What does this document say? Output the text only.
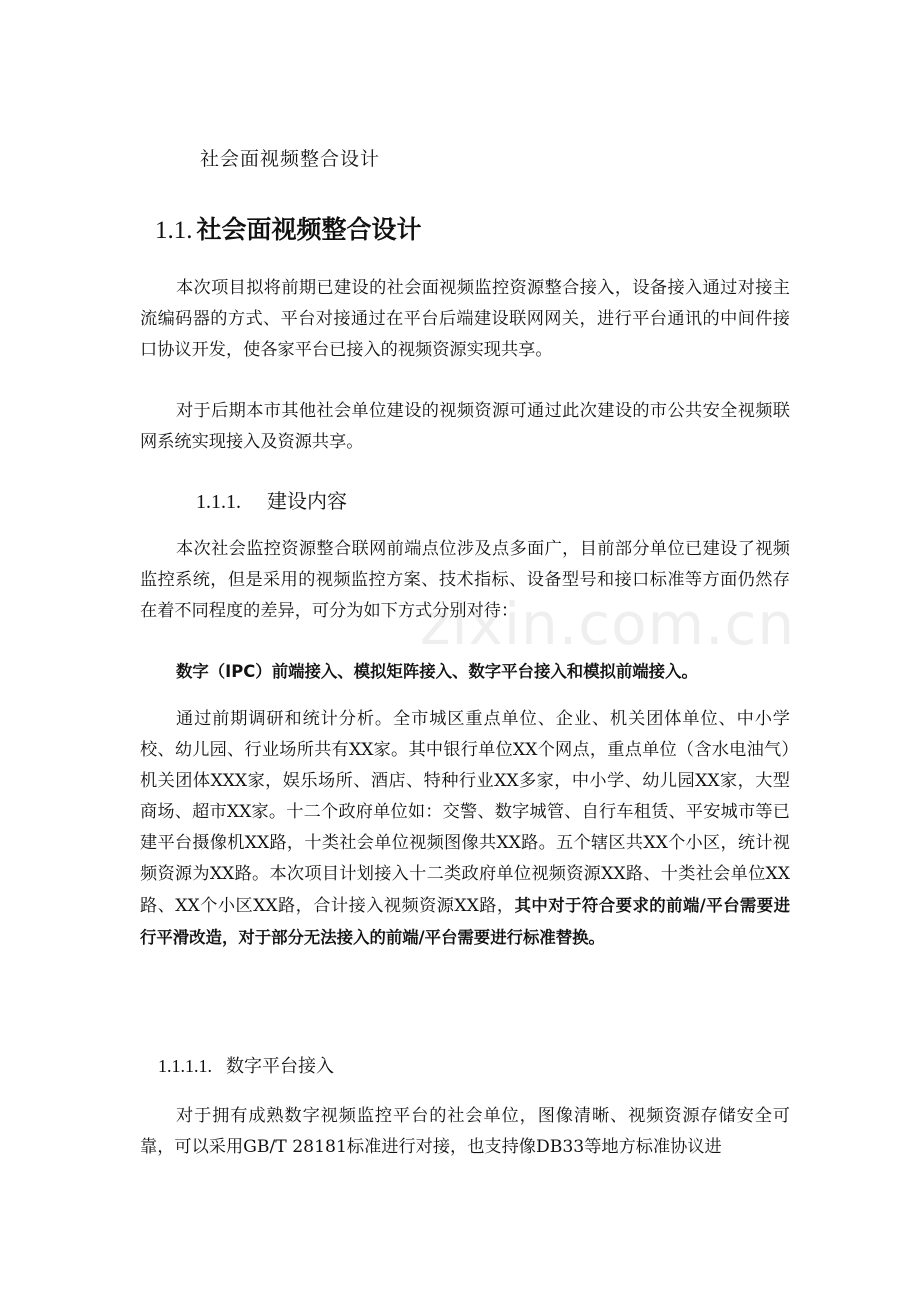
社会面视频整合设计
1.1. 社会面视频整合设计

本次项目拟将前期已建设的社会面视频监控资源整合接入，设备接入通过对接主流编码器的方式、平台对接通过在平台后端建设联网网关，进行平台通讯的中间件接口协议开发，使各家平台已接入的视频资源实现共享。

对于后期本市其他社会单位建设的视频资源可通过此次建设的市公共安全视频联网系统实现接入及资源共享。

1.1.1. 建设内容

本次社会监控资源整合联网前端点位涉及点多面广，目前部分单位已建设了视频监控系统，但是采用的视频监控方案、技术指标、设备型号和接口标准等方面仍然存在着不同程度的差异，可分为如下方式分别对待：

数字（IPC）前端接入、模拟矩阵接入、数字平台接入和模拟前端接入。

通过前期调研和统计分析。全市城区重点单位、企业、机关团体单位、中小学校、幼儿园、行业场所共有XX家。其中银行单位XX个网点，重点单位（含水电油气）机关团体XXX家，娱乐场所、酒店、特种行业XX多家，中小学、幼儿园XX家，大型商场、超市XX家。十二个政府单位如：交警、数字城管、自行车租赁、平安城市等已建平台摄像机XX路，十类社会单位视频图像共XX路。五个辖区共XX个小区，统计视频资源为XX路。本次项目计划接入十二类政府单位视频资源XX路、十类社会单位XX路、XX个小区XX路，合计接入视频资源XX路，其中对于符合要求的前端/平台需要进行平滑改造，对于部分无法接入的前端/平台需要进行标准替换。

1.1.1.1. 数字平台接入

对于拥有成熟数字视频监控平台的社会单位，图像清晰、视频资源存储安全可靠，可以采用GB/T 28181标准进行对接，也支持像DB33等地方标准协议进

zixin.com.cn
